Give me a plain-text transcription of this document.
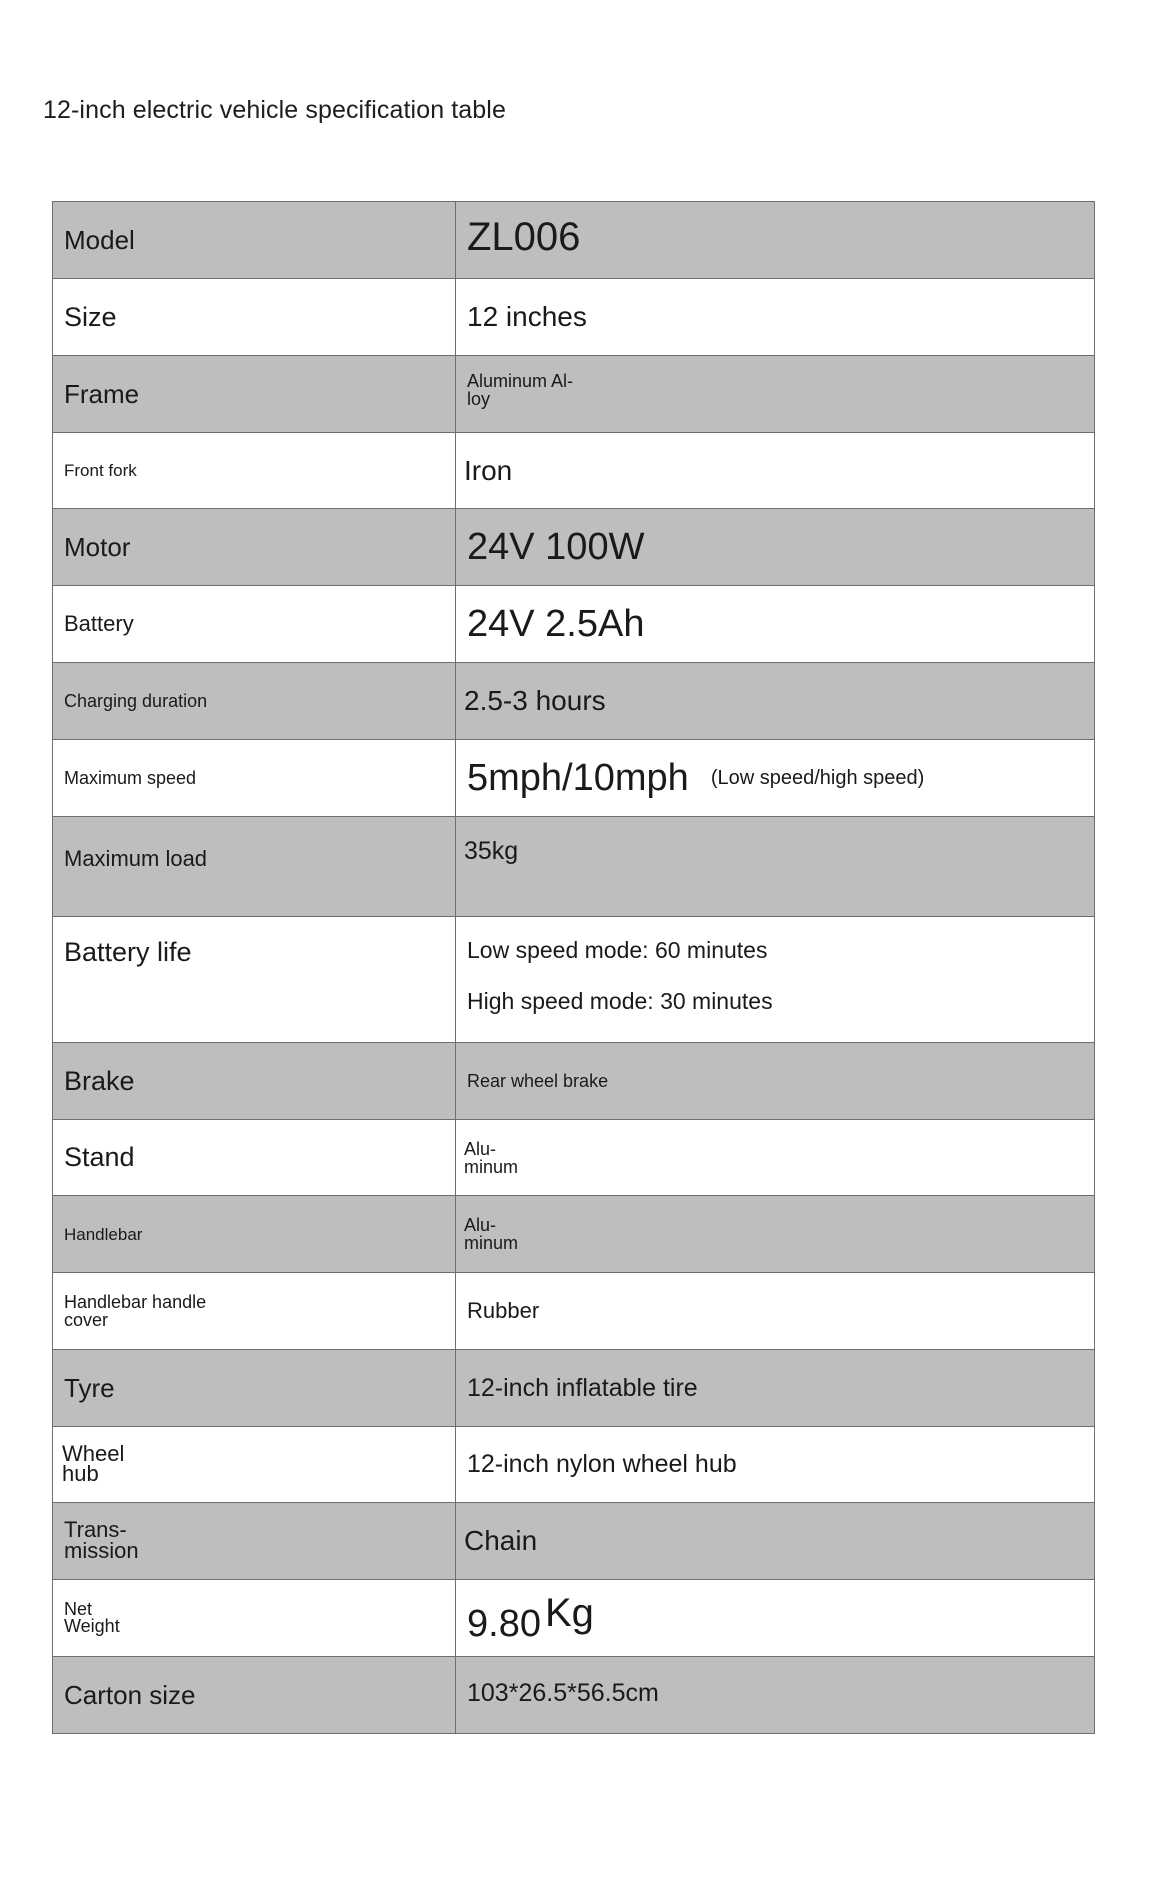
12-inch electric vehicle specification table
Model	ZL006

Size	12 inches

Frame	Aluminum Al-loy

Front fork	Iron

Motor	24V 100W

Battery	24V 2.5Ah

Charging duration	2.5-3 hours

Maximum speed	5mph/10mph (Low speed/high speed)

Maximum load	35kg

Battery life	Low speed mode: 60 minutes
High speed mode: 30 minutes

Brake	Rear wheel brake

Stand	Alu-minum

Handlebar	Alu-minum

Handlebar handle cover	Rubber

Tyre	12-inch inflatable tire

Wheel hub	12-inch nylon wheel hub

Trans-mission	Chain

Net Weight	9.80 Kg

Carton size	103*26.5*56.5cm
